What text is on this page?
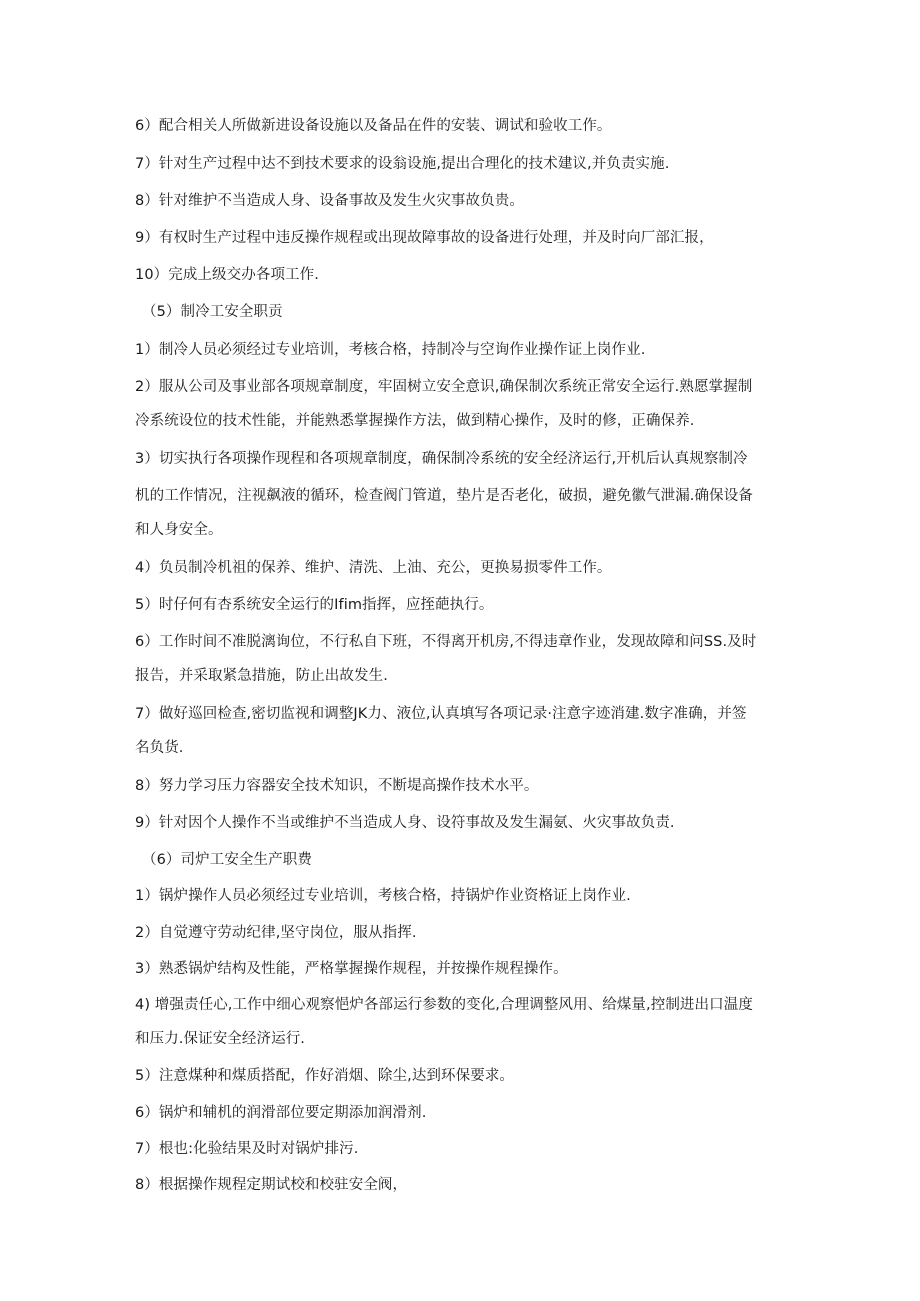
6）配合相关人所做新进设备设施以及备品在件的安装、调试和验收工作。
7）针对生产过程中达不到技术要求的设翁设施,提出合理化的技术建议,并负责实施.
8）针对维护不当造成人身、设备事故及发生火灾事故负贵。
9）有权时生产过程中违反操作规程或出现故障事故的设备进行处理，并及时向厂部汇报，
10）完成上级交办各项工作.
（5）制冷工安全职贡
1）制冷人员必须经过专业培训，考核合格，持制冷与空询作业操作证上岗作业.
2）服从公司及事业部各项规章制度，牢固树立安全意识,确保制次系统正常安全运行.熟愿掌握制
冷系统设位的技术性能，并能熟悉掌握操作方法，做到精心操作，及时的修，正确保养.
3）切实执行各项操作现程和各项规章制度，确保制冷系统的安全经济运行,开机后认真规察制冷
机的工作情况，注视飙液的循环，检查阀门管道，垫片是否老化，破损，避免徽气泄漏.确保设备
和人身安全。
4）负员制冷机祖的保养、维护、清洗、上油、充公，更换易损零件工作。
5）时仔何有杏系统安全运行的Ifim指挥，应挃葩执行。
6）工作时间不准脱漓询位，不行私自下班，不得离开机房,不得违章作业，发现故障和问SS.及时
报告，并采取紧急措施，防止出故发生.
7）做好巡回检查,密切监视和调整JK力、液位,认真填写各项记录·注意字迹消建.数字准确，并签
名负货.
8）努力学习压力容器安全技术知识，不断堤高操作技术水平。
9）针对因个人操作不当或维护不当造成人身、设符事故及发生漏氨、火灾事故负责.
（6）司炉工安全生产职费
1）锅炉操作人员必须经过专业培训，考核合格，持锅炉作业资格证上岗作业.
2）自觉遵守劳动纪律,坚守岗位，服从指挥.
3）熟悉锅炉结构及性能，严格掌握操作规程，并按操作规程操作。
4) 增强责任心,工作中细心观察悒炉各部运行参数的变化,合理调整风用、给煤量,控制进出口温度
和压力.保证安全经济运行.
5）注意煤种和煤质搭配，作好消烟、除尘,达到环保要求。
6）锅炉和辅机的润滑部位要定期添加润滑剂.
7）根也:化验结果及时对锅炉排污.
8）根据操作规程定期试校和校驻安全阀，
